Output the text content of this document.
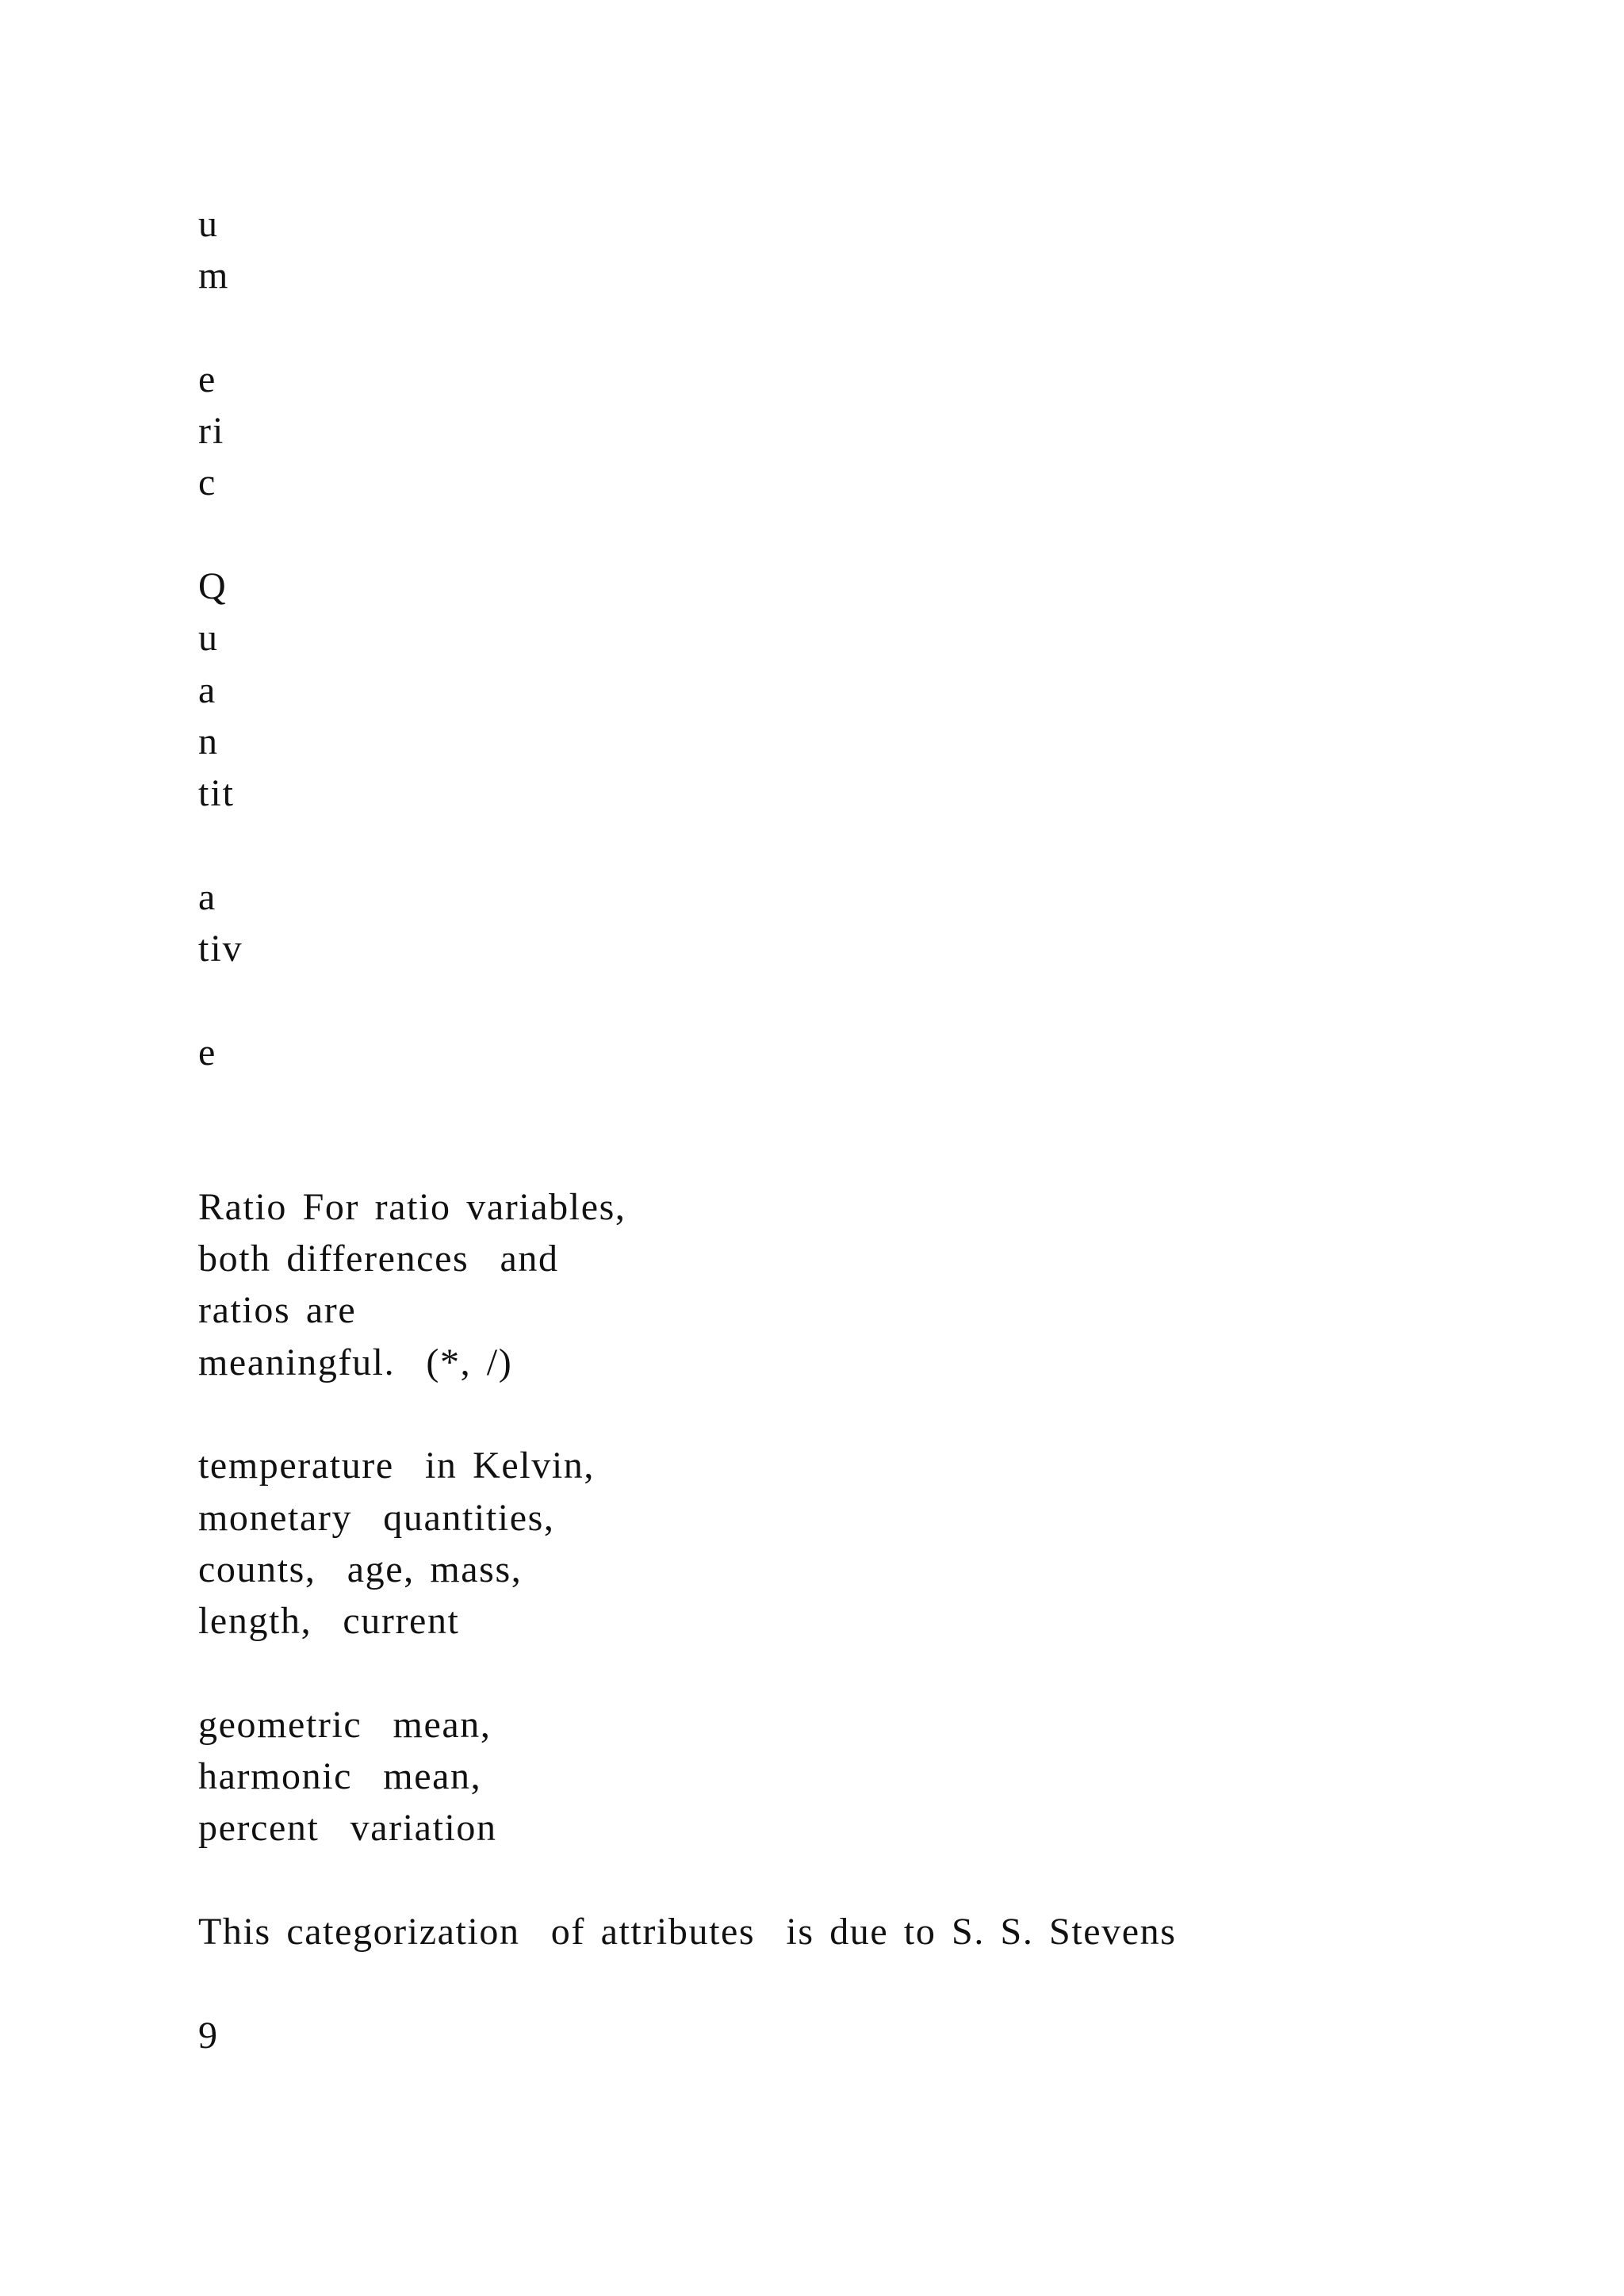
u
m
e
ri
c
Q
u
a
n
tit
a
tiv
e
Ratio For ratio variables,
both differences  and
ratios are
meaningful.  (*, /)
temperature  in Kelvin,
monetary  quantities,
counts,  age, mass,
length,  current
geometric  mean,
harmonic  mean,
percent  variation
This categorization  of attributes  is due to S. S. Stevens
9
